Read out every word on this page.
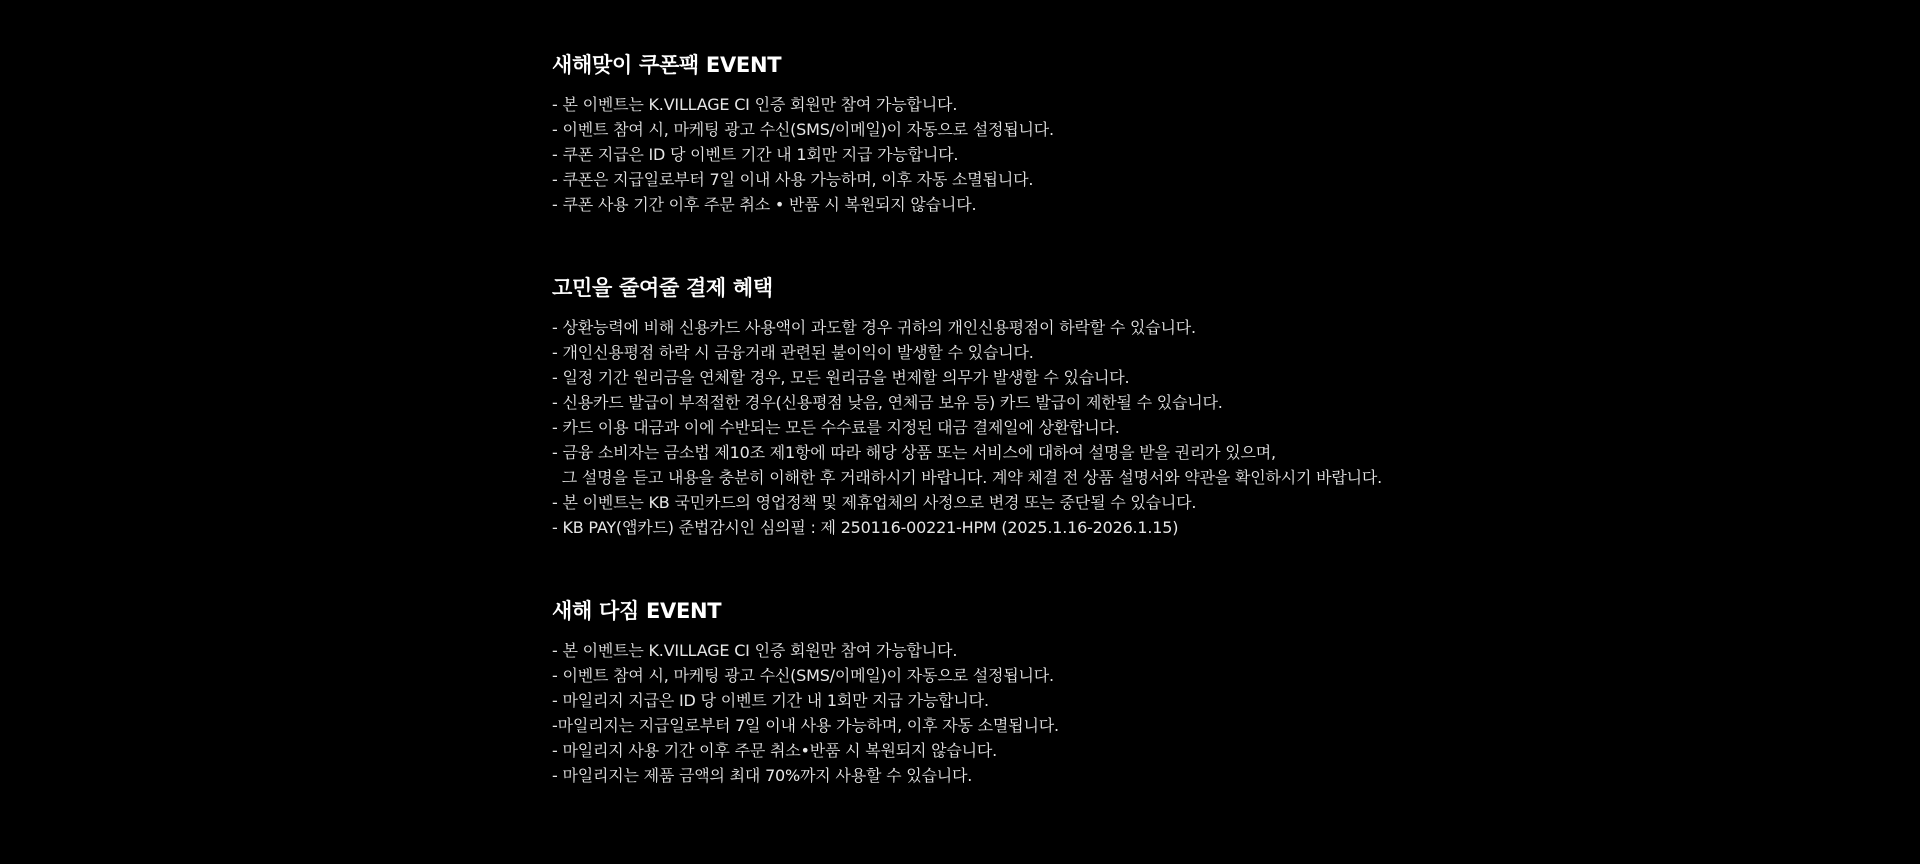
새해맞이 쿠폰팩 EVENT
- 본 이벤트는 K.VILLAGE CI 인증 회원만 참여 가능합니다.
- 이벤트 참여 시, 마케팅 광고 수신(SMS/이메일)이 자동으로 설정됩니다.
- 쿠폰 지급은 ID 당 이벤트 기간 내 1회만 지급 가능합니다.
- 쿠폰은 지급일로부터 7일 이내 사용 가능하며, 이후 자동 소멸됩니다.
- 쿠폰 사용 기간 이후 주문 취소 • 반품 시 복원되지 않습니다.
고민을 줄여줄 결제 혜택
- 상환능력에 비해 신용카드 사용액이 과도할 경우 귀하의 개인신용평점이 하락할 수 있습니다.
- 개인신용평점 하락 시 금융거래 관련된 불이익이 발생할 수 있습니다.
- 일정 기간 원리금을 연체할 경우, 모든 원리금을 변제할 의무가 발생할 수 있습니다.
- 신용카드 발급이 부적절한 경우(신용평점 낮음, 연체금 보유 등) 카드 발급이 제한될 수 있습니다.
- 카드 이용 대금과 이에 수반되는 모든 수수료를 지정된 대금 결제일에 상환합니다.
- 금융 소비자는 금소법 제10조 제1항에 따라 해당 상품 또는 서비스에 대하여 설명을 받을 권리가 있으며,
그 설명을 듣고 내용을 충분히 이해한 후 거래하시기 바랍니다. 계약 체결 전 상품 설명서와 약관을 확인하시기 바랍니다.
- 본 이벤트는 KB 국민카드의 영업정책 및 제휴업체의 사정으로 변경 또는 중단될 수 있습니다.
- KB PAY(앱카드) 준법감시인 심의필 : 제 250116-00221-HPM (2025.1.16-2026.1.15)
새해 다짐 EVENT
- 본 이벤트는 K.VILLAGE CI 인증 회원만 참여 가능합니다.
- 이벤트 참여 시, 마케팅 광고 수신(SMS/이메일)이 자동으로 설정됩니다.
- 마일리지 지급은 ID 당 이벤트 기간 내 1회만 지급 가능합니다.
-마일리지는 지급일로부터 7일 이내 사용 가능하며, 이후 자동 소멸됩니다.
- 마일리지 사용 기간 이후 주문 취소•반품 시 복원되지 않습니다.
- 마일리지는 제품 금액의 최대 70%까지 사용할 수 있습니다.
